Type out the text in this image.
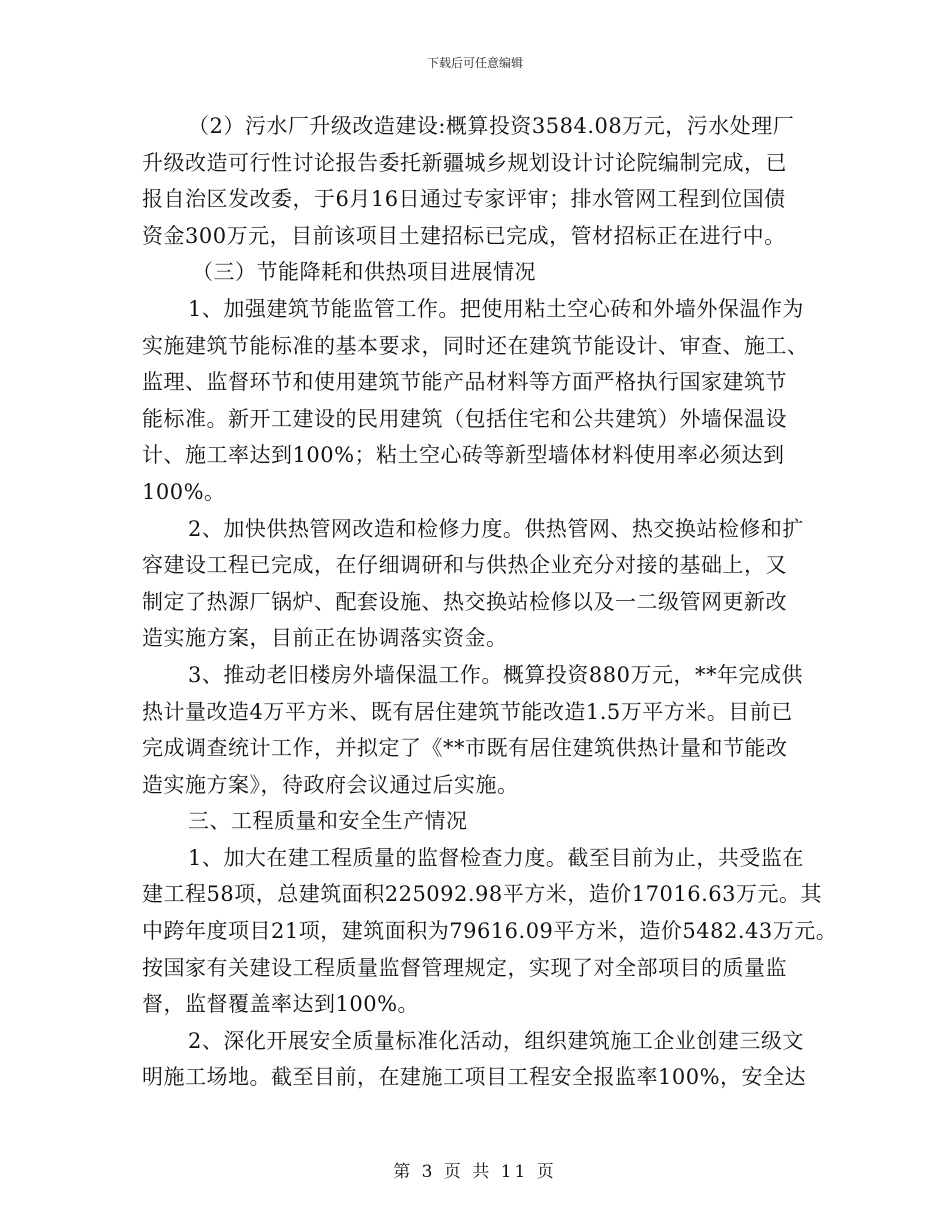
下载后可任意编辑
（2）污水厂升级改造建设:概算投资3584.08万元，污水处理厂
升级改造可行性讨论报告委托新疆城乡规划设计讨论院编制完成，已
报自治区发改委，于6月16日通过专家评审；排水管网工程到位国债
资金300万元，目前该项目土建招标已完成，管材招标正在进行中。
（三）节能降耗和供热项目进展情况
1、加强建筑节能监管工作。把使用粘土空心砖和外墙外保温作为
实施建筑节能标准的基本要求，同时还在建筑节能设计、审查、施工、
监理、监督环节和使用建筑节能产品材料等方面严格执行国家建筑节
能标准。新开工建设的民用建筑（包括住宅和公共建筑）外墙保温设
计、施工率达到100%；粘土空心砖等新型墙体材料使用率必须达到
100%。
2、加快供热管网改造和检修力度。供热管网、热交换站检修和扩
容建设工程已完成，在仔细调研和与供热企业充分对接的基础上，又
制定了热源厂锅炉、配套设施、热交换站检修以及一二级管网更新改
造实施方案，目前正在协调落实资金。
3、推动老旧楼房外墙保温工作。概算投资880万元，**年完成供
热计量改造4万平方米、既有居住建筑节能改造1.5万平方米。目前已
完成调查统计工作，并拟定了《**市既有居住建筑供热计量和节能改
造实施方案》，待政府会议通过后实施。
三、工程质量和安全生产情况
1、加大在建工程质量的监督检查力度。截至目前为止，共受监在
建工程58项，总建筑面积225092.98平方米，造价17016.63万元。其
中跨年度项目21项，建筑面积为79616.09平方米，造价5482.43万元。
按国家有关建设工程质量监督管理规定，实现了对全部项目的质量监
督，监督覆盖率达到100%。
2、深化开展安全质量标准化活动，组织建筑施工企业创建三级文
明施工场地。截至目前，在建施工项目工程安全报监率100%，安全达
第 3 页 共 11 页
